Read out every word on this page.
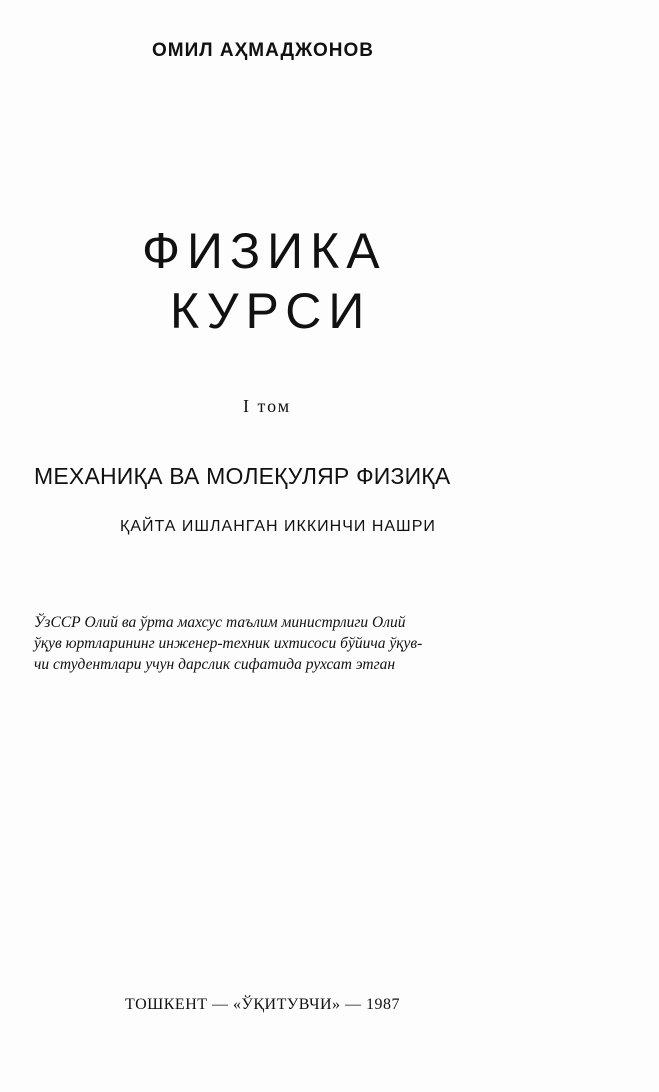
ОМИЛ АҲМАДЖОНОВ
ФИЗИКА
КУРСИ
I том
МЕХАНИҚА ВА МОЛЕҚУЛЯР ФИЗИҚА
ҚАЙТА ИШЛАНГАН ИККИНЧИ НАШРИ
ЎзССР Олий ва ўрта махсус таълим министрлиги Олий
ўқув юртларининг инженер-техник ихтисоси бўйича ўқув-
чи студентлари учун дарслик сифатида рухсат этган
ТОШКЕНТ — «ЎҚИТУВЧИ» — 1987
